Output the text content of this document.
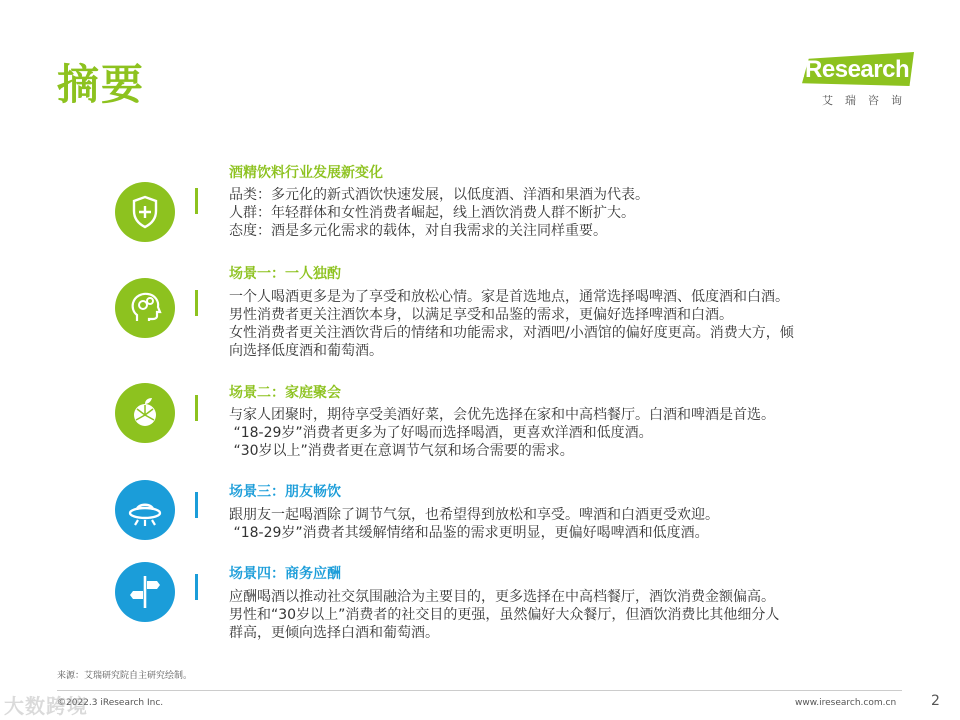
摘要	iResearch
艾瑞咨询
酒精饮料行业发展新变化
品类：多元化的新式酒饮快速发展，以低度酒、洋酒和果酒为代表。
人群：年轻群体和女性消费者崛起，线上酒饮消费人群不断扩大。
态度：酒是多元化需求的载体，对自我需求的关注同样重要。
场景一：一人独酌
一个人喝酒更多是为了享受和放松心情。家是首选地点，通常选择喝啤酒、低度酒和白酒。
男性消费者更关注酒饮本身，以满足享受和品鉴的需求，更偏好选择啤酒和白酒。
女性消费者更关注酒饮背后的情绪和功能需求，对酒吧/小酒馆的偏好度更高。消费大方，倾
向选择低度酒和葡萄酒。
场景二：家庭聚会
与家人团聚时，期待享受美酒好菜，会优先选择在家和中高档餐厅。白酒和啤酒是首选。
“18-29岁”消费者更多为了好喝而选择喝酒，更喜欢洋酒和低度酒。
“30岁以上”消费者更在意调节气氛和场合需要的需求。
场景三：朋友畅饮
跟朋友一起喝酒除了调节气氛，也希望得到放松和享受。啤酒和白酒更受欢迎。
“18-29岁”消费者其缓解情绪和品鉴的需求更明显，更偏好喝啤酒和低度酒。
场景四：商务应酬
应酬喝酒以推动社交氛围融洽为主要目的，更多选择在中高档餐厅，酒饮消费金额偏高。
男性和“30岁以上”消费者的社交目的更强，虽然偏好大众餐厅，但酒饮消费比其他细分人
群高，更倾向选择白酒和葡萄酒。
来源：艾瑞研究院自主研究绘制。
©2022.3 iResearch Inc.	www.iresearch.com.cn 2
大数跨境
